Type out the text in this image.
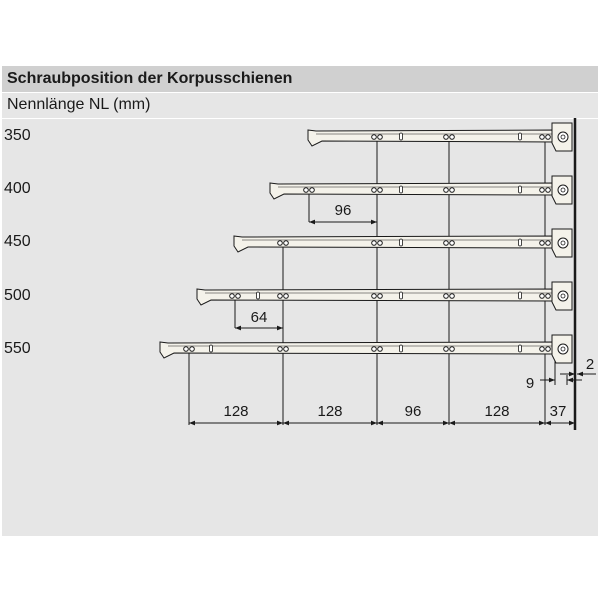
Schraubposition der Korpusschienen
Nennlänge NL (mm)
350
400
450
500
550
96
64
128	128	96	128	37
9
2
